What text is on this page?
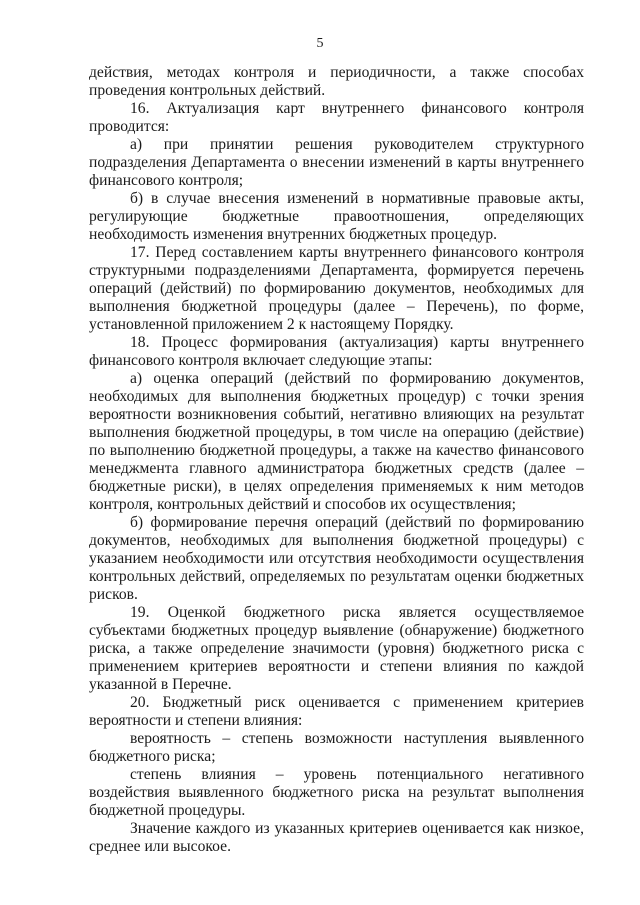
5

действия, методах контроля и периодичности, а также способах проведения контрольных действий.

16. Актуализация карт внутреннего финансового контроля проводится:

а) при принятии решения руководителем структурного подразделения Департамента о внесении изменений в карты внутреннего финансового контроля;

б) в случае внесения изменений в нормативные правовые акты, регулирующие бюджетные правоотношения, определяющих необходимость изменения внутренних бюджетных процедур.

17. Перед составлением карты внутреннего финансового контроля структурными подразделениями Департамента, формируется перечень операций (действий) по формированию документов, необходимых для выполнения бюджетной процедуры (далее – Перечень), по форме, установленной приложением 2 к настоящему Порядку.

18. Процесс формирования (актуализация) карты внутреннего финансового контроля включает следующие этапы:

а) оценка операций (действий по формированию документов, необходимых для выполнения бюджетных процедур) с точки зрения вероятности возникновения событий, негативно влияющих на результат выполнения бюджетной процедуры, в том числе на операцию (действие) по выполнению бюджетной процедуры, а также на качество финансового менеджмента главного администратора бюджетных средств (далее – бюджетные риски), в целях определения применяемых к ним методов контроля, контрольных действий и способов их осуществления;

б) формирование перечня операций (действий по формированию документов, необходимых для выполнения бюджетной процедуры) с указанием необходимости или отсутствия необходимости осуществления контрольных действий, определяемых по результатам оценки бюджетных рисков.

19. Оценкой бюджетного риска является осуществляемое субъектами бюджетных процедур выявление (обнаружение) бюджетного риска, а также определение значимости (уровня) бюджетного риска с применением критериев вероятности и степени влияния по каждой указанной в Перечне.

20. Бюджетный риск оценивается с применением критериев вероятности и степени влияния:

вероятность – степень возможности наступления выявленного бюджетного риска;

степень влияния – уровень потенциального негативного воздействия выявленного бюджетного риска на результат выполнения бюджетной процедуры.

Значение каждого из указанных критериев оценивается как низкое, среднее или высокое.
